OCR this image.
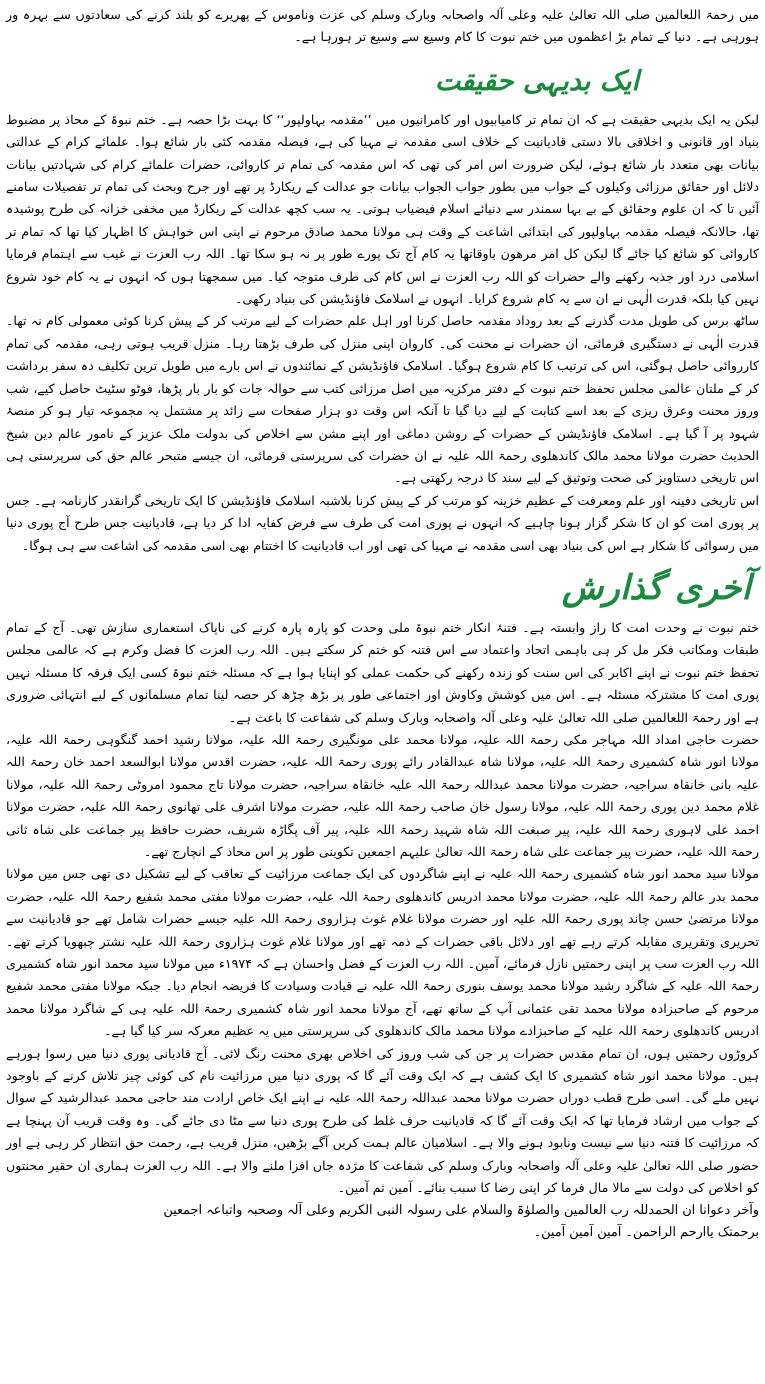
میں رحمۃ اللعالمین صلی اللہ تعالیٰ علیہ وعلی آلہ واصحابہ وبارک وسلم کی عزت وناموس کے پھریرے کو بلند کرنے کی سعادتوں سے بہرہ ور ہورہی ہے۔ دنیا کے تمام بڑ اعظموں میں ختم نبوت کا کام وسیع سے وسیع تر ہورہا ہے۔

ایک بدیہی حقیقت

لیکن یہ ایک بدیہی حقیقت ہے کہ ان تمام تر کامیابیوں اور کامرانیوں میں ’’مقدمہ بہاولپور‘‘ کا بہت بڑا حصہ ہے۔ ختم نبوۃ کے محاذ پر مضبوط بنیاد اور قانونی و اخلاقی بالا دستی قادیانیت کے خلاف اسی مقدمہ نے مہیا کی ہے، فیصلہ مقدمہ کئی بار شائع ہوا۔ علمائے کرام کے عدالتی بیانات بھی متعدد بار شائع ہوئے، لیکن ضرورت اس امر کی تھی کہ اس مقدمہ کی تمام تر کاروائی، حضرات علمائے کرام کی شہادتیں بیانات دلائل اور حقائق مرزائی وکیلوں کے جواب میں بطور جواب الجواب بیانات جو عدالت کے ریکارڈ پر تھے اور جرح وبحث کی تمام تر تفصیلات سامنے آئیں تا کہ ان علوم وحقائق کے بے بہا سمندر سے دنیائے اسلام فیضیاب ہوتی۔ یہ سب کچھ عدالت کے ریکارڈ میں مخفی خزانہ کی طرح پوشیدہ تھا، حالانکہ فیصلہ مقدمہ بہاولپور کی ابتدائی اشاعت کے وقت ہی مولانا محمد صادق مرحوم نے اپنی اس خواہش کا اظہار کیا تھا کہ تمام تر کاروائی کو شائع کیا جائے گا لیکن کل امر مرھون باوقاتھا یہ کام آج تک پورے طور پر نہ ہو سکا تھا۔ اللہ رب العزت نے غیب سے اہتمام فرمایا اسلامی درد اور جذبہ رکھنے والے حضرات کو اللہ رب العزت نے اس کام کی طرف متوجہ کیا۔ میں سمجھتا ہوں کہ انہوں نے یہ کام خود شروع نہیں کیا بلکہ قدرت الٰہی نے ان سے یہ کام شروع کرایا۔ انہوں نے اسلامک فاؤنڈیشن کی بنیاد رکھی۔

ساٹھ برس کی طویل مدت گذرنے کے بعد روداد مقدمہ حاصل کرنا اور اہل علم حضرات کے لیے مرتب کر کے پیش کرنا کوئی معمولی کام نہ تھا۔ قدرت الٰہی نے دستگیری فرمائی، ان حضرات نے محنت کی۔ کاروان اپنی منزل کی طرف بڑھتا رہا۔ منزل قریب ہوتی رہی، مقدمہ کی تمام کارروائی حاصل ہوگئی، اس کی ترتیب کا کام شروع ہوگیا۔ اسلامک فاؤنڈیشن کے نمائندوں نے اس بارے میں طویل ترین تکلیف دہ سفر برداشت کر کے ملتان عالمی مجلس تحفظ ختم نبوت کے دفتر مرکزیہ میں اصل مرزائی کتب سے حوالہ جات کو بار بار پڑھا، فوٹو سٹیٹ حاصل کیے، شب وروز محنت وعرق ریزی کے بعد اسے کتابت کے لیے دیا گیا تا آنکہ اس وقت دو ہزار صفحات سے زائد پر مشتمل یہ مجموعہ تیار ہو کر منصۂ شہود پر آ گیا ہے۔ اسلامک فاؤنڈیشن کے حضرات کے روشن دماغی اور اپنے مشن سے اخلاص کی بدولت ملک عزیز کے نامور عالم دین شیخ الحدیث حضرت مولانا محمد مالک کاندھلوی رحمۃ اللہ علیہ نے ان حضرات کی سرپرستی فرمائی، ان جیسے متبحر عالم حق کی سرپرستی ہی اس تاریخی دستاویز کی صحت وتوثیق کے لیے سند کا درجہ رکھتی ہے۔

اس تاریخی دفینہ اور علم ومعرفت کے عظیم خزینہ کو مرتب کر کے پیش کرنا بلاشبہ اسلامک فاؤنڈیشن کا ایک تاریخی گرانقدر کارنامہ ہے۔ جس پر پوری امت کو ان کا شکر گزار ہونا چاہیے کہ انہوں نے پوری امت کی طرف سے فرض کفایہ ادا کر دیا ہے، قادیانیت جس طرح آج پوری دنیا میں رسوائی کا شکار ہے اس کی بنیاد بھی اسی مقدمہ نے مہیا کی تھی اور اب قادیانیت کا اختتام بھی اسی مقدمہ کی اشاعت سے ہی ہوگا۔

آخری گذارش

ختم نبوت نے وحدت امت کا راز وابستہ ہے۔ فتنۂ انکار ختم نبوۃ ملی وحدت کو پارہ پارہ کرنے کی ناپاک استعماری سازش تھی۔ آج کے تمام طبقات ومکاتب فکر مل کر ہی باہمی اتحاد واعتماد سے اس فتنہ کو ختم کر سکتے ہیں۔ اللہ رب العزت کا فضل وکرم ہے کہ عالمی مجلس تحفظ ختم نبوت نے اپنے اکابر کی اس سنت کو زندہ رکھنے کی حکمت عملی کو اپنایا ہوا ہے کہ مسئلہ ختم نبوۃ کسی ایک فرقہ کا مسئلہ نہیں پوری امت کا مشترکہ مسئلہ ہے۔ اس میں کوشش وکاوش اور اجتماعی طور پر بڑھ چڑھ کر حصہ لینا تمام مسلمانوں کے لیے انتہائی ضروری ہے اور رحمۃ اللعالمین صلی اللہ تعالیٰ علیہ وعلی آلہ واصحابہ وبارک وسلم کی شفاعت کا باعث ہے۔

حضرت حاجی امداد اللہ مہاجر مکی رحمۃ اللہ علیہ، مولانا محمد علی مونگیری رحمۃ اللہ علیہ، مولانا رشید احمد گنگوہی رحمۃ اللہ علیہ، مولانا انور شاہ کشمیری رحمۃ اللہ علیہ، مولانا شاہ عبدالقادر رائے پوری رحمۃ اللہ علیہ، حضرت اقدس مولانا ابوالسعد احمد خان رحمۃ اللہ علیہ بانی خانقاہ سراجیہ، حضرت مولانا محمد عبداللہ رحمۃ اللہ علیہ خانقاہ سراجیہ، حضرت مولانا تاج محمود امروٹی رحمۃ اللہ علیہ، مولانا غلام محمد دین پوری رحمۃ اللہ علیہ، مولانا رسول خان صاحب رحمۃ اللہ علیہ، حضرت مولانا اشرف علی تھانوی رحمۃ اللہ علیہ، حضرت مولانا احمد علی لاہوری رحمۃ اللہ علیہ، پیر صبغت اللہ شاہ شہید رحمۃ اللہ علیہ، پیر آف پگاڑہ شریف، حضرت حافظ پیر جماعت علی شاہ ثانی رحمۃ اللہ علیہ، حضرت پیر جماعت علی شاہ رحمۃ اللہ تعالیٰ علیہم اجمعین تکوینی طور پر اس محاذ کے انچارج تھے۔

مولانا سید محمد انور شاہ کشمیری رحمۃ اللہ علیہ نے اپنے شاگردوں کی ایک جماعت مرزائیت کے تعاقب کے لیے تشکیل دی تھی جس میں مولانا محمد بدر عالم رحمۃ اللہ علیہ، حضرت مولانا محمد ادریس کاندھلوی رحمۃ اللہ علیہ، حضرت مولانا مفتی محمد شفیع رحمۃ اللہ علیہ، حضرت مولانا مرتضیٰ حسن چاند پوری رحمۃ اللہ علیہ اور حضرت مولانا غلام غوث ہزاروی رحمۃ اللہ علیہ جیسے حضرات شامل تھے جو قادیانیت سے تحریری وتقریری مقابلہ کرتے رہے تھے اور دلائل باقی حضرات کے ذمہ تھے اور مولانا غلام غوث ہزاروی رحمۃ اللہ علیہ نشتر چبھویا کرتے تھے۔ اللہ رب العزت سب پر اپنی رحمتیں نازل فرمائے، آمین۔ اللہ رب العزت کے فضل واحسان ہے کہ ۱۹۷۴ء میں مولانا سید محمد انور شاہ کشمیری رحمۃ اللہ علیہ کے شاگرد رشید مولانا محمد یوسف بنوری رحمۃ اللہ علیہ نے قیادت وسیادت کا فریضہ انجام دیا۔ جبکہ مولانا مفتی محمد شفیع مرحوم کے صاحبزادہ مولانا محمد تقی عثمانی آپ کے ساتھ تھے، آج مولانا محمد انور شاہ کشمیری رحمۃ اللہ علیہ ہی کے شاگرد مولانا محمد ادریس کاندھلوی رحمۃ اللہ علیہ کے صاحبزادے مولانا محمد مالک کاندھلوی کی سرپرستی میں یہ عظیم معرکہ سر کیا گیا ہے۔

کروڑوں رحمتیں ہوں، ان تمام مقدس حضرات پر جن کی شب وروز کی اخلاص بھری محنت رنگ لائی۔ آج قادیانی پوری دنیا میں رسوا ہورہے ہیں۔ مولانا محمد انور شاہ کشمیری کا ایک کشف ہے کہ ایک وقت آئے گا کہ پوری دنیا میں مرزائیت نام کی کوئی چیز تلاش کرنے کے باوجود نہیں ملے گی۔ اسی طرح قطب دوراں حضرت مولانا محمد عبداللہ رحمۃ اللہ علیہ نے اپنے ایک خاص ارادت مند حاجی محمد عبدالرشید کے سوال کے جواب میں ارشاد فرمایا تھا کہ ایک وقت آئے گا کہ قادیانیت حرف غلط کی طرح پوری دنیا سے مٹا دی جائے گی۔ وہ وقت قریب آن پہنچا ہے کہ مرزائیت کا فتنہ دنیا سے نیست ونابود ہونے والا ہے۔ اسلامیان عالم ہمت کریں آگے بڑھیں، منزل قریب ہے، رحمت حق انتظار کر رہی ہے اور حضور صلی اللہ تعالیٰ علیہ وعلی آلہ واصحابہ وبارک وسلم کی شفاعت کا مژدہ جاں افزا ملنے والا ہے۔ اللہ رب العزت ہماری ان حقیر محنتوں کو اخلاص کی دولت سے مالا مال فرما کر اپنی رضا کا سبب بنائے۔ آمین ثم آمین۔

وآخر دعوانا ان الحمدللہ رب العالمین والصلوٰۃ والسلام علی رسولہ النبی الکریم وعلی آلہ وصحبہ واتباعہ اجمعین

برحمتک یاارحم الراحمن۔ آمین آمین آمین۔
